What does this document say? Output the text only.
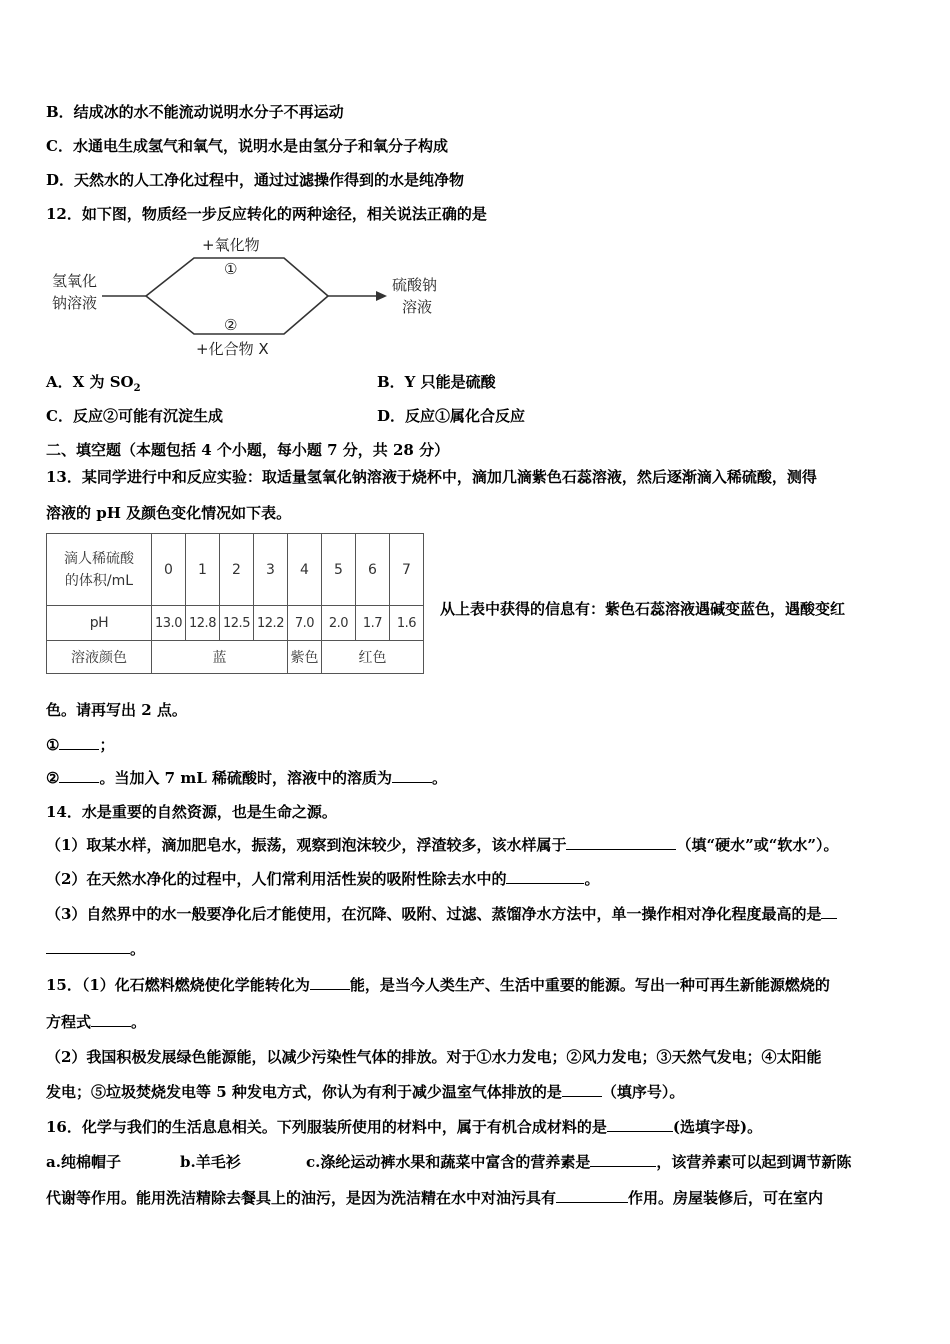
B．结成冰的水不能流动说明水分子不再运动
C．水通电生成氢气和氧气，说明水是由氢分子和氧分子构成
D．天然水的人工净化过程中，通过过滤操作得到的水是纯净物
12．如下图，物质经一步反应转化的两种途径，相关说法正确的是
氢氧化
钠溶液
+氧化物
①
②
+化合物 X
硫酸钠
溶液
A．X 为 $SO_2$	B．Y 只能是硫酸
C．反应②可能有沉淀生成	D．反应①属化合反应
二、填空题（本题包括 4 个小题，每小题 7 分，共 28 分）
13．某同学进行中和反应实验：取适量氢氧化钠溶液于烧杯中，滴加几滴紫色石蕊溶液，然后逐渐滴入稀硫酸，测得
溶液的 pH 及颜色变化情况如下表。
滴人稀硫酸
的体积/mL	0	1	2	3	4	5	6	7
pH	13.0	12.8	12.5	12.2	7.0	2.0	1.7	1.6
溶液颜色	蓝				紫色	红色		
从上表中获得的信息有：紫色石蕊溶液遇碱变蓝色，遇酸变红
色。请再写出 2 点。
①	；
②	。当加入 7 mL 稀硫酸时，溶液中的溶质为	。
14．水是重要的自然资源，也是生命之源。
（1）取某水样，滴加肥皂水，振荡，观察到泡沫较少，浮渣较多，该水样属于	（填“硬水”或“软水”）。
（2）在天然水净化的过程中，人们常利用活性炭的吸附性除去水中的	。
（3）自然界中的水一般要净化后才能使用，在沉降、吸附、过滤、蒸馏净水方法中，单一操作相对净化程度最高的是
。
15．（1）化石燃料燃烧使化学能转化为	能，是当今人类生产、生活中重要的能源。写出一种可再生新能源燃烧的
方程式	。
（2）我国积极发展绿色能源能，以减少污染性气体的排放。对于①水力发电；②风力发电；③天然气发电；④太阳能
发电；⑤垃圾焚烧发电等 5 种发电方式，你认为有利于减少温室气体排放的是	（填序号）。
16．化学与我们的生活息息相关。下列服装所使用的材料中，属于有机合成材料的是	(选填字母)。
a.纯棉帽子	b.羊毛衫	c.涤纶运动裤水果和蔬菜中富含的营养素是	，该营养素可以起到调节新陈
代谢等作用。能用洗洁精除去餐具上的油污，是因为洗洁精在水中对油污具有	作用。房屋装修后，可在室内
